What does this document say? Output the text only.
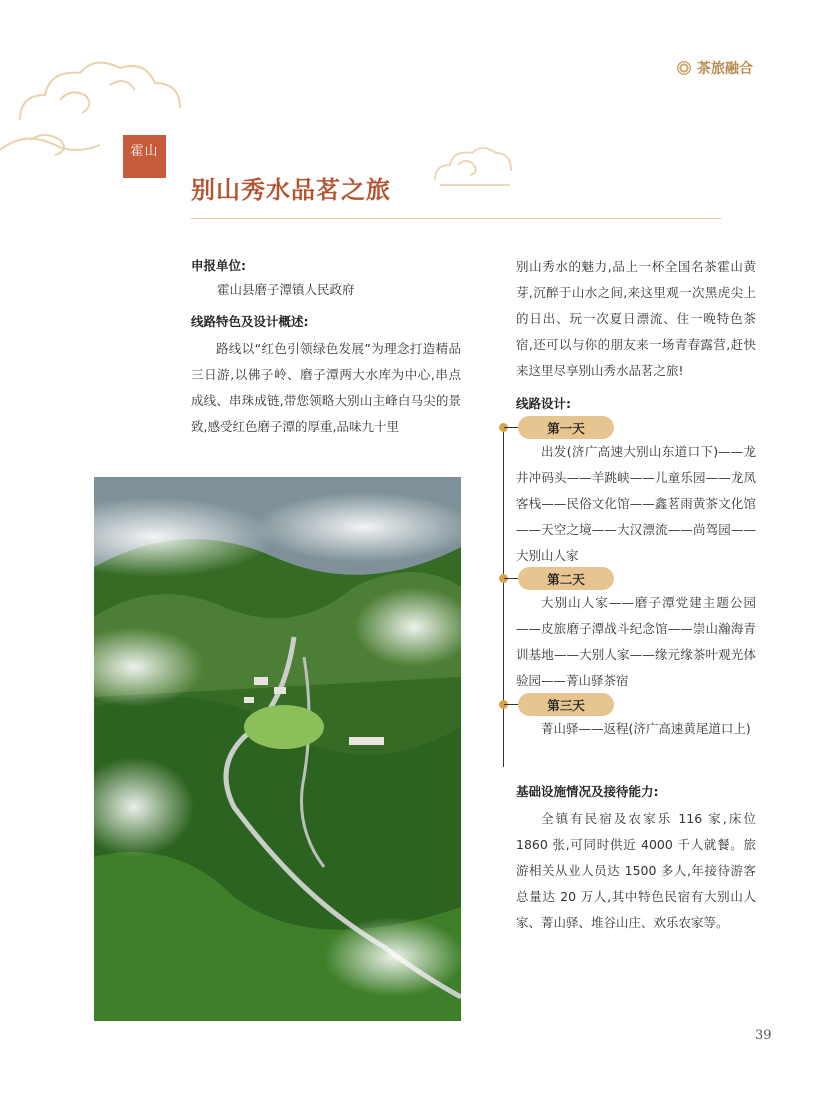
茶旅融合
霍山
别山秀水品茗之旅
申报单位:

霍山县磨子潭镇人民政府

线路特色及设计概述:

路线以“红色引领绿色发展”为理念打造精品三日游,以佛子岭、磨子潭两大水库为中心,串点成线、串珠成链,带您领略大别山主峰白马尖的景致,感受红色磨子潭的厚重,品味九十里

别山秀水的魅力,品上一杯全国名茶霍山黄芽,沉醉于山水之间,来这里观一次黑虎尖上的日出、玩一次夏日漂流、住一晚特色茶宿,还可以与你的朋友来一场青春露营,赶快来这里尽享别山秀水品茗之旅!

线路设计:
第一天

出发(济广高速大别山东道口下)——龙井冲码头——羊跳峡——儿童乐园——龙凤客栈——民俗文化馆——鑫茗雨黄茶文化馆——天空之境——大汉漂流——尚驾园——大别山人家

第二天

大别山人家——磨子潭党建主题公园——皮旅磨子潭战斗纪念馆——崇山瀚海青训基地——大别人家——缘元缘茶叶观光体验园——菁山驿茶宿

第三天

菁山驿——返程(济广高速黄尾道口上)

基础设施情况及接待能力:

全镇有民宿及农家乐 116 家,床位 1860 张,可同时供近 4000 千人就餐。旅游相关从业人员达 1500 多人,年接待游客总量达 20 万人,其中特色民宿有大别山人家、菁山驿、堆谷山庄、欢乐农家等。

39
